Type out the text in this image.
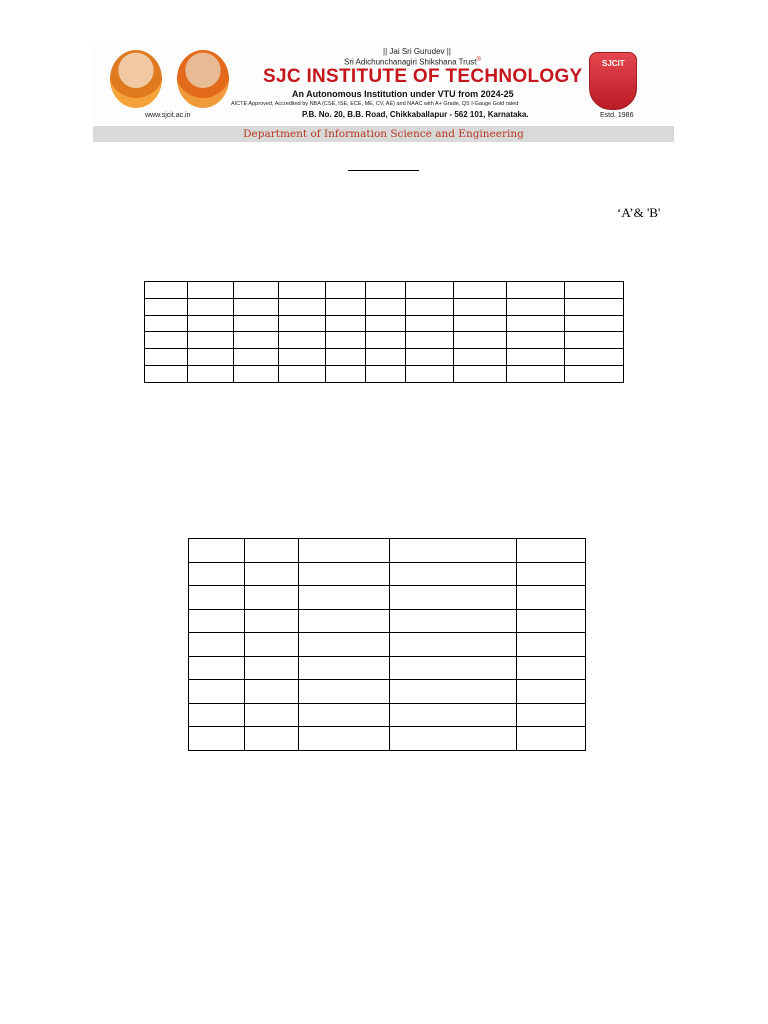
www.sjcit.ac.in
|| Jai Sri Gurudev ||
Sri Adichunchanagiri Shikshana Trust®
SJC INSTITUTE OF TECHNOLOGY
An Autonomous Institution under VTU from 2024-25
AICTE Approved, Accredited by NBA (CSE, ISE, ECE, ME, CV, AE) and NAAC with A+ Grade, QS I-Gauge Gold rated
P.B. No. 20, B.B. Road, Chikkaballapur - 562 101, Karnataka.
SJCIT
Estd. 1986
Department of Information Science and Engineering
‘A’& 'B'
